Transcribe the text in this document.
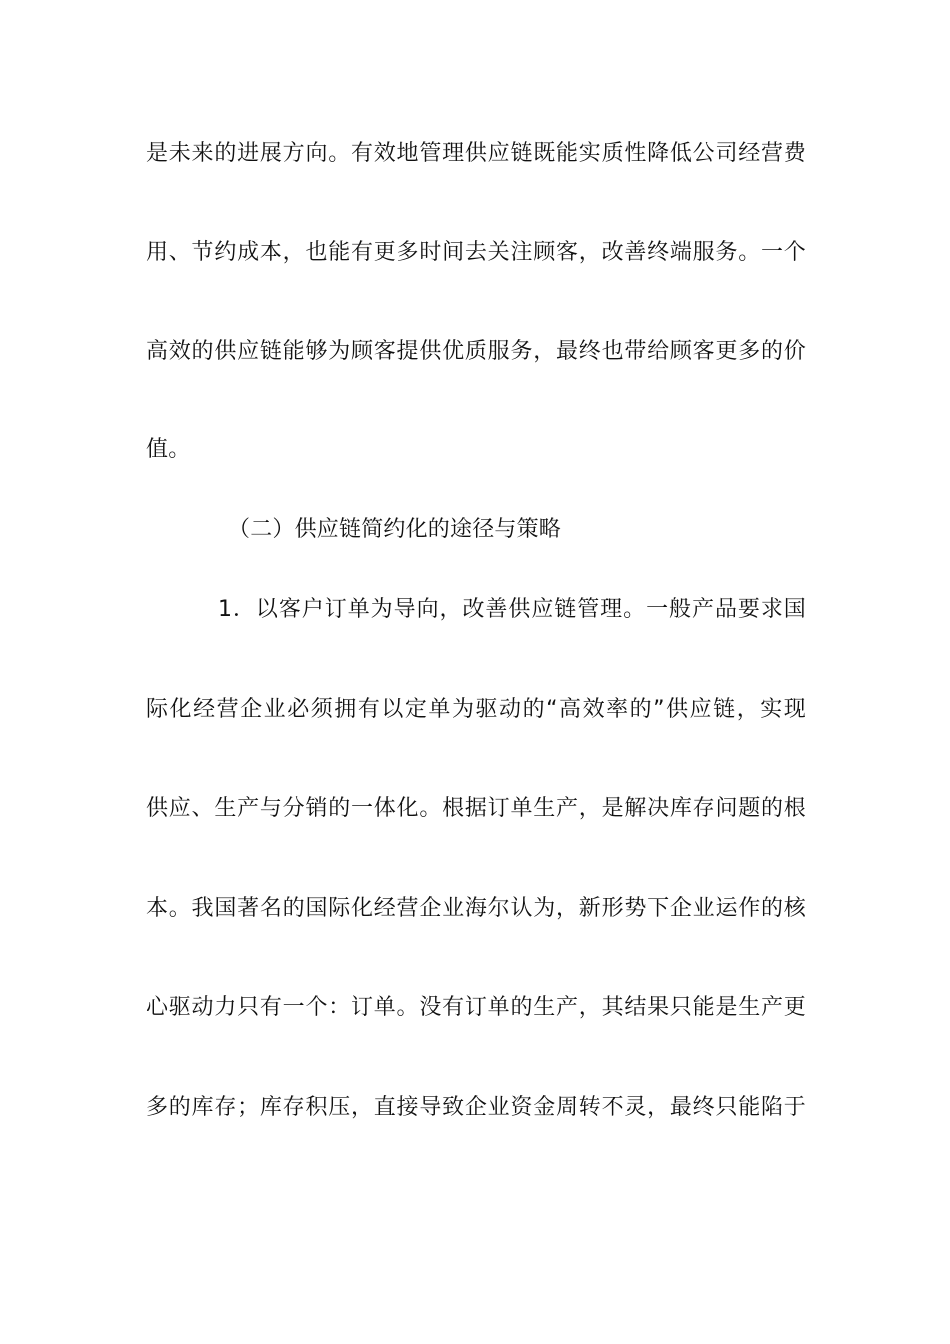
是未来的进展方向。有效地管理供应链既能实质性降低公司经营费
用、节约成本，也能有更多时间去关注顾客，改善终端服务。一个
高效的供应链能够为顾客提供优质服务，最终也带给顾客更多的价
值。
（二）供应链简约化的途径与策略
1．以客户订单为导向，改善供应链管理。一般产品要求国
际化经营企业必须拥有以定单为驱动的“高效率的”供应链，实现
供应、生产与分销的一体化。根据订单生产，是解决库存问题的根
本。我国著名的国际化经营企业海尔认为，新形势下企业运作的核
心驱动力只有一个：订单。没有订单的生产，其结果只能是生产更
多的库存；库存积压，直接导致企业资金周转不灵，最终只能陷于
